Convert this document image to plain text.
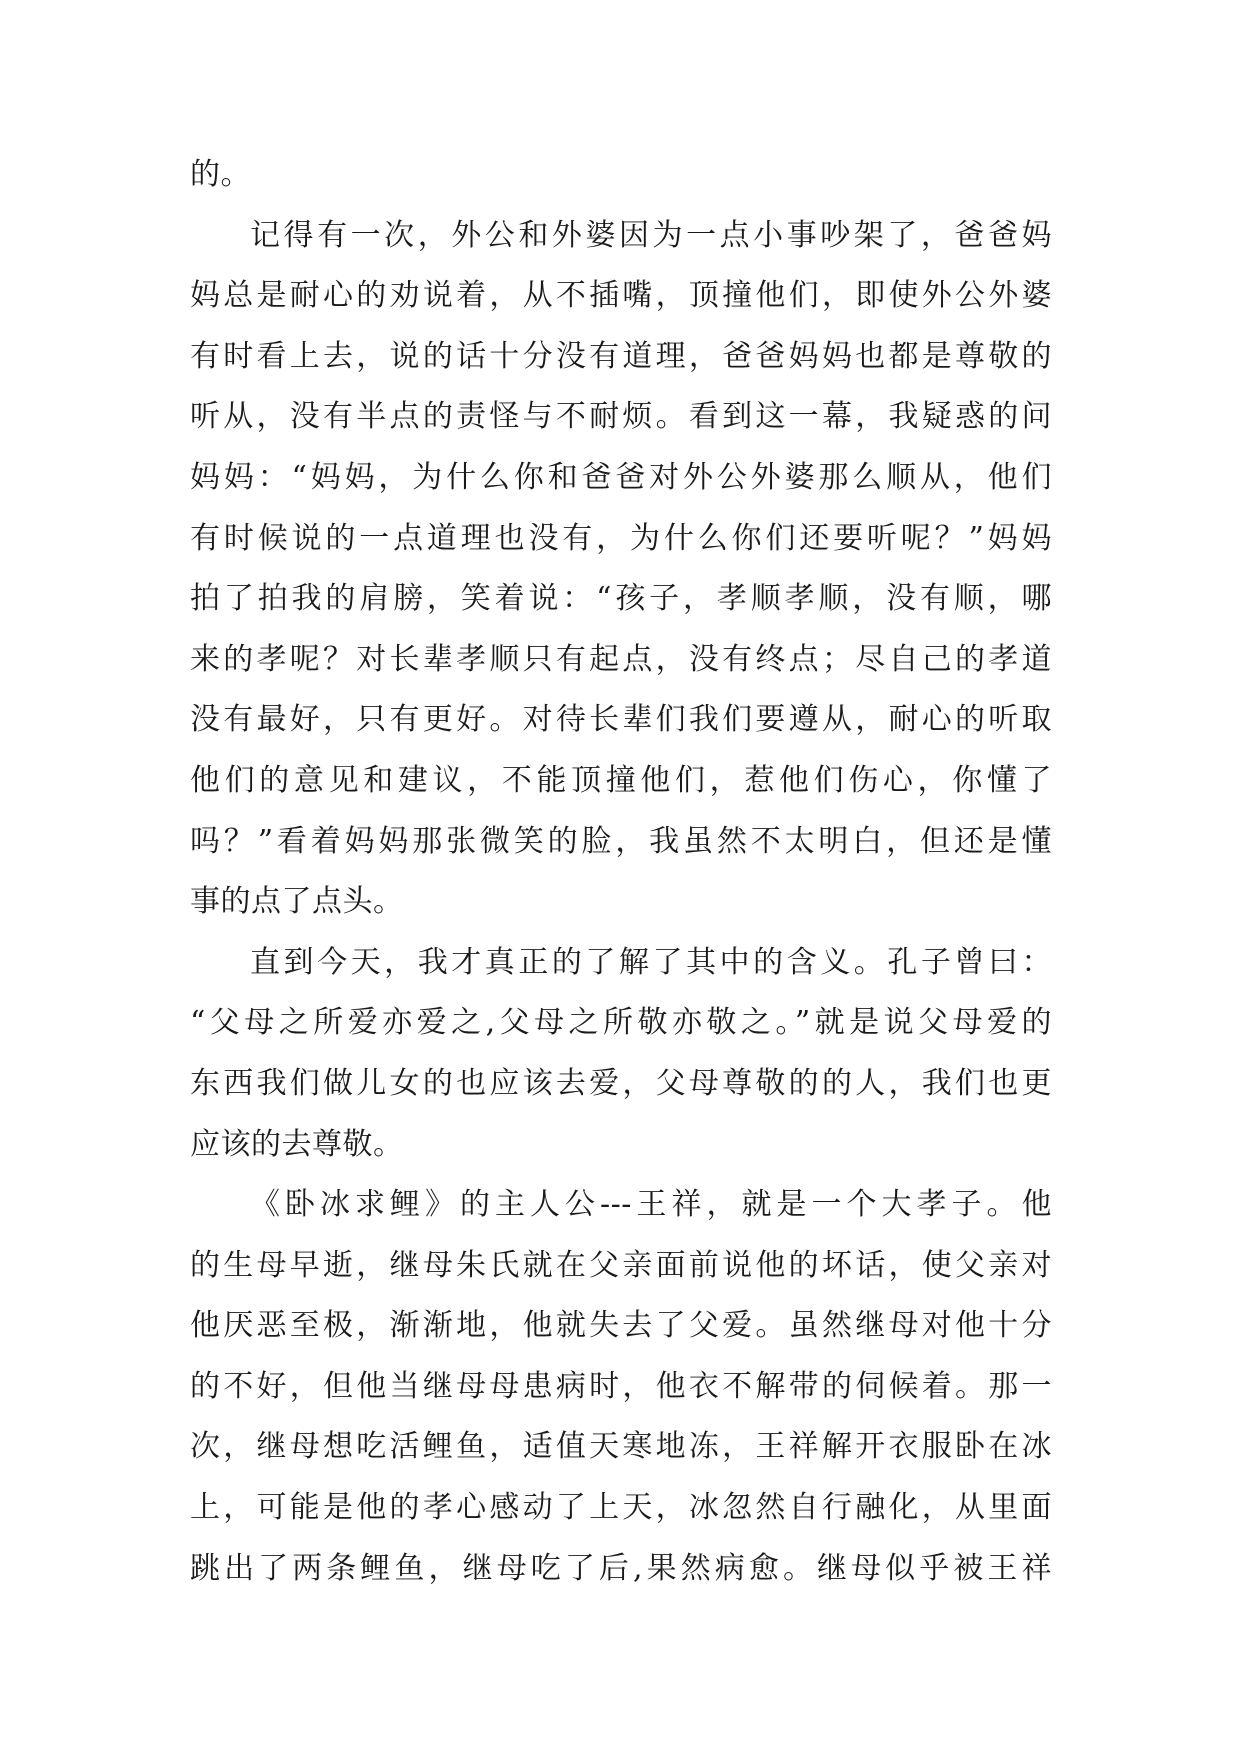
的。
记得有一次，外公和外婆因为一点小事吵架了，爸爸妈
妈总是耐心的劝说着，从不插嘴，顶撞他们，即使外公外婆
有时看上去，说的话十分没有道理，爸爸妈妈也都是尊敬的
听从，没有半点的责怪与不耐烦。看到这一幕，我疑惑的问
妈妈：“妈妈，为什么你和爸爸对外公外婆那么顺从，他们
有时候说的一点道理也没有，为什么你们还要听呢？”妈妈
拍了拍我的肩膀，笑着说：“孩子，孝顺孝顺，没有顺，哪
来的孝呢？对长辈孝顺只有起点，没有终点；尽自己的孝道
没有最好，只有更好。对待长辈们我们要遵从，耐心的听取
他们的意见和建议，不能顶撞他们，惹他们伤心，你懂了
吗？”看着妈妈那张微笑的脸，我虽然不太明白，但还是懂
事的点了点头。
直到今天，我才真正的了解了其中的含义。孔子曾曰：
“父母之所爱亦爱之,父母之所敬亦敬之。”就是说父母爱的
东西我们做儿女的也应该去爱，父母尊敬的的人，我们也更
应该的去尊敬。
《卧冰求鲤》的主人公---王祥，就是一个大孝子。他
的生母早逝，继母朱氏就在父亲面前说他的坏话，使父亲对
他厌恶至极，渐渐地，他就失去了父爱。虽然继母对他十分
的不好，但他当继母母患病时，他衣不解带的伺候着。那一
次，继母想吃活鲤鱼，适值天寒地冻，王祥解开衣服卧在冰
上，可能是他的孝心感动了上天，冰忽然自行融化，从里面
跳出了两条鲤鱼，继母吃了后,果然病愈。继母似乎被王祥
